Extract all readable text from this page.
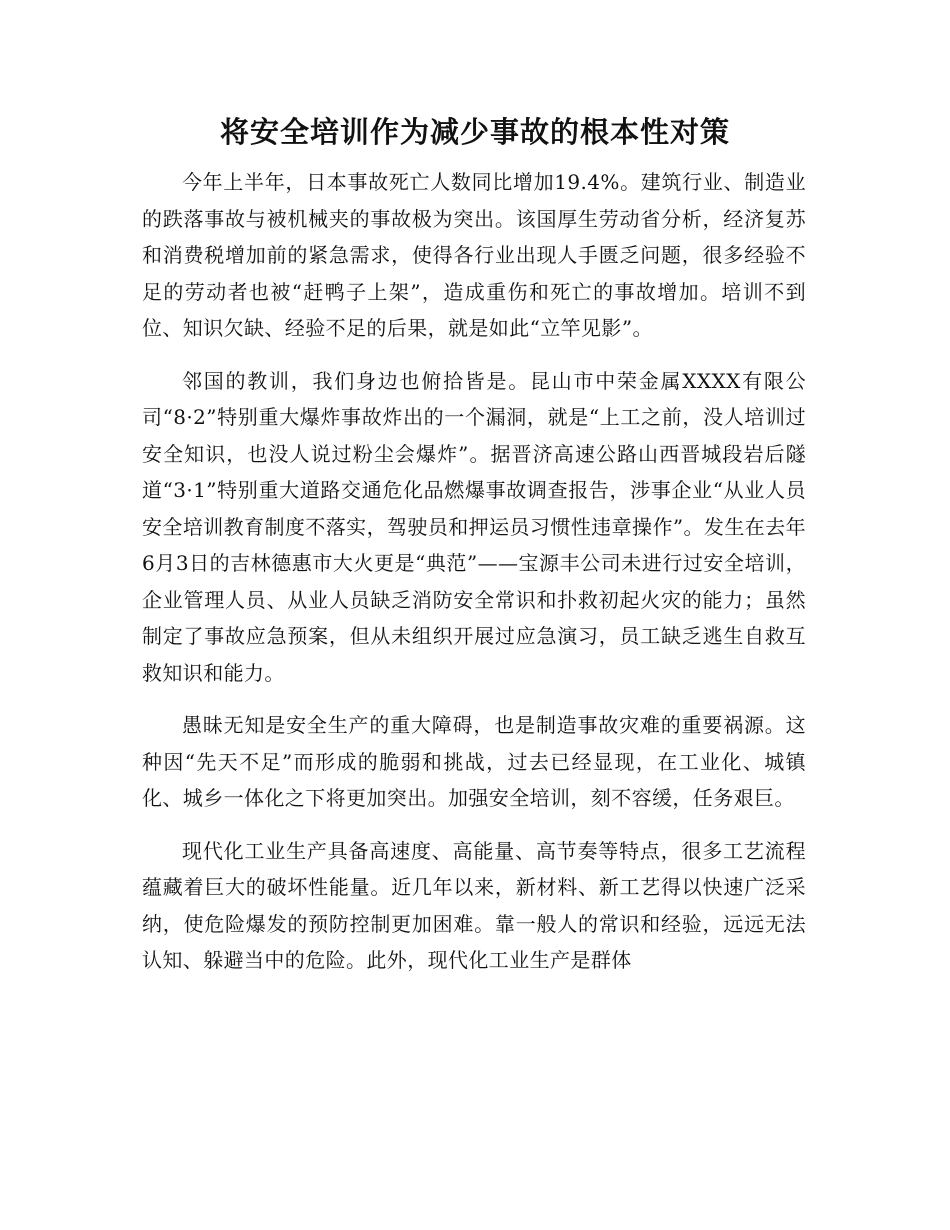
将安全培训作为减少事故的根本性对策

今年上半年，日本事故死亡人数同比增加19.4%。建筑行业、制造业的跌落事故与被机械夹的事故极为突出。该国厚生劳动省分析，经济复苏和消费税增加前的紧急需求，使得各行业出现人手匮乏问题，很多经验不足的劳动者也被“赶鸭子上架”，造成重伤和死亡的事故增加。培训不到位、知识欠缺、经验不足的后果，就是如此“立竿见影”。

邻国的教训，我们身边也俯拾皆是。昆山市中荣金属XXXX有限公司“8·2”特别重大爆炸事故炸出的一个漏洞，就是“上工之前，没人培训过安全知识，也没人说过粉尘会爆炸”。据晋济高速公路山西晋城段岩后隧道“3·1”特别重大道路交通危化品燃爆事故调查报告，涉事企业“从业人员安全培训教育制度不落实，驾驶员和押运员习惯性违章操作”。发生在去年6月3日的吉林德惠市大火更是“典范”——宝源丰公司未进行过安全培训，企业管理人员、从业人员缺乏消防安全常识和扑救初起火灾的能力；虽然制定了事故应急预案，但从未组织开展过应急演习，员工缺乏逃生自救互救知识和能力。

愚昧无知是安全生产的重大障碍，也是制造事故灾难的重要祸源。这种因“先天不足”而形成的脆弱和挑战，过去已经显现，在工业化、城镇化、城乡一体化之下将更加突出。加强安全培训，刻不容缓，任务艰巨。

现代化工业生产具备高速度、高能量、高节奏等特点，很多工艺流程蕴藏着巨大的破坏性能量。近几年以来，新材料、新工艺得以快速广泛采纳，使危险爆发的预防控制更加困难。靠一般人的常识和经验，远远无法认知、躲避当中的危险。此外，现代化工业生产是群体
